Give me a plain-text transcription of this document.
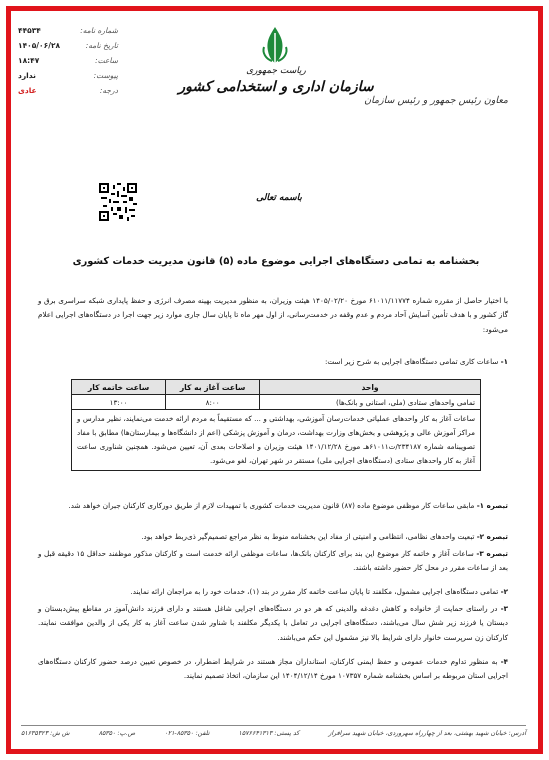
شماره نامه:
۴۴۵۳۴
تاریخ نامه:
۱۴۰۵/۰۶/۲۸
ساعت:
۱۸:۴۷
پیوست:
ندارد
درجه:
عادی
ریاست جمهوری
سازمان اداری و استخدامی کشور
معاون رئیس جمهور و رئیس سازمان
باسمه تعالی
بخشنامه به تمامی دستگاه‌های اجرایی موضوع ماده (۵) قانون مدیریت خدمات کشوری
با اختیار حاصل از مقرره شماره ۶۱۰۱۱/۱۱۷۷۴ مورخ ۱۴۰۵/۰۲/۲۰ هیئت وزیران، به منظور مدیریت بهینه مصرف انرژی و حفظ پایداری شبکه سراسری برق و گاز کشور و با هدف تأمین آسایش آحاد مردم و عدم وقفه در خدمت‌رسانی، از اول مهر ماه تا پایان سال جاری موارد زیر جهت اجرا در دستگاه‌های اجرایی اعلام می‌شود:
۱- ساعات کاری تمامی دستگاه‌های اجرایی به شرح زیر است:
واحد	ساعت آغاز به کار	ساعت خاتمه کار
تمامی واحدهای ستادی (ملی، استانی و بانک‌ها)	۸:۰۰	۱۳:۰۰
ساعات آغاز به کار واحدهای عملیاتی خدمات‌رسان آموزشی، بهداشتی و ... که مستقیماً به مردم ارائه خدمت می‌نمایند، نظیر مدارس و مراکز آموزش عالی و پژوهشی و بخش‌های وزارت بهداشت، درمان و آموزش پزشکی (اعم از دانشگاه‌ها و بیمارستان‌ها) مطابق با مفاد تصویبنامه شماره ۲۳۴۱۸۷/ت۶۱۰۱۱هـ مورخ ۱۴۰۱/۱۲/۲۸ هیئت وزیران و اصلاحات بعدی آن، تعیین می‌شود. همچنین شناوری ساعت آغاز به کار واحدهای ستادی (دستگاه‌های اجرایی ملی) مستقر در شهر تهران، لغو می‌شود.		
تبصره ۱- مابقی ساعات کار موظفی موضوع ماده (۸۷) قانون مدیریت خدمات کشوری با تمهیدات لازم از طریق دورکاری کارکنان جبران خواهد شد.
تبصره ۲- تبعیت واحدهای نظامی، انتظامی و امنیتی از مفاد این بخشنامه منوط به نظر مراجع تصمیم‌گیر ذی‌ربط خواهد بود.
تبصره ۳- ساعات آغاز و خاتمه کار موضوع این بند برای کارکنان بانک‌ها، ساعات موظفی ارائه خدمت است و کارکنان مذکور موظفند حداقل ۱۵ دقیقه قبل و بعد از ساعات مقرر در محل کار حضور داشته باشند.
۲- تمامی دستگاه‌های اجرایی مشمول، مکلفند تا پایان ساعت خاتمه کار مقرر در بند (۱)، خدمات خود را به مراجعان ارائه نمایند.
۳- در راستای حمایت از خانواده و کاهش دغدغه والدینی که هر دو در دستگاه‌های اجرایی شاغل هستند و دارای فرزند دانش‌آموز در مقاطع پیش‌دبستان و دبستان یا فرزند زیر شش سال می‌باشند، دستگاه‌های اجرایی در تعامل با یکدیگر مکلفند با شناور شدن ساعت آغاز به کار یکی از والدین موافقت نمایند. کارکنان زن سرپرست خانوار دارای شرایط بالا نیز مشمول این حکم می‌باشند.
۴- به منظور تداوم خدمات عمومی و حفظ ایمنی کارکنان، استانداران مجاز هستند در شرایط اضطرار، در خصوص تعیین درصد حضور کارکنان دستگاه‌های اجرایی استان مربوطه بر اساس بخشنامه شماره ۱۰۷۳۵۷ مورخ ۱۴۰۴/۱۲/۱۴ این سازمان، اتخاذ تصمیم نمایند.
آدرس: خیابان شهید بهشتی، بعد از چهارراه سهروردی، خیابان شهید سرافراز
کد پستی: ۱۵۷۶۶۴۱۳۱۳
تلفن: ۸۵۳۵۰-۰۲۱
ص.پ: ۸۵۳۵۰
ش ش: ۵۱۶۳۵۳۲۳
